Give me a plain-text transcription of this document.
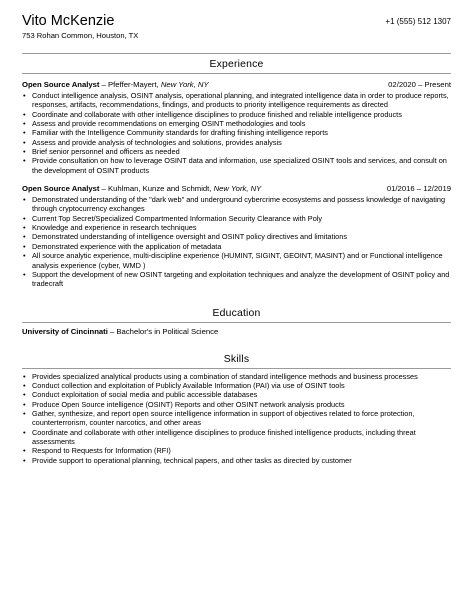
Vito McKenzie	+1 (555) 512 1307
753 Rohan Common, Houston, TX
Experience
Open Source Analyst – Pfeffer-Mayert, New York, NY	02/2020 – Present
• Conduct intelligence analysis, OSINT analysis, operational planning, and integrated intelligence data in order to produce reports, responses, artifacts, recommendations, findings, and products to priority intelligence requirements as directed
• Coordinate and collaborate with other intelligence disciplines to produce finished and reliable intelligence products
• Assess and provide recommendations on emerging OSINT methodologies and tools
• Familiar with the Intelligence Community standards for drafting finishing intelligence reports
• Assess and provide analysis of technologies and solutions, provides analysis
• Brief senior personnel and officers as needed
• Provide consultation on how to leverage OSINT data and information, use specialized OSINT tools and services, and consult on the development of OSINT products
Open Source Analyst – Kuhlman, Kunze and Schmidt, New York, NY	01/2016 – 12/2019
• Demonstrated understanding of the "dark web" and underground cybercrime ecosystems and possess knowledge of navigating through cryptocurrency exchanges
• Current Top Secret/Specialized Compartmented Information Security Clearance with Poly
• Knowledge and experience in research techniques
• Demonstrated understanding of intelligence oversight and OSINT policy directives and limitations
• Demonstrated experience with the application of metadata
• All source analytic experience, multi-discipline experience (HUMINT, SIGINT, GEOINT, MASINT) and or Functional intelligence analysis experience (cyber, WMD )
• Support the development of new OSINT targeting and exploitation techniques and analyze the development of OSINT policy and tradecraft
Education
University of Cincinnati – Bachelor's in Political Science
Skills
• Provides specialized analytical products using a combination of standard intelligence methods and business processes
• Conduct collection and exploitation of Publicly Available Information (PAI) via use of OSINT tools
• Conduct exploitation of social media and public accessible databases
• Produce Open Source intelligence (OSINT) Reports and other OSINT network analysis products
• Gather, synthesize, and report open source intelligence information in support of objectives related to force protection, counterterrorism, counter narcotics, and other areas
• Coordinate and collaborate with other intelligence disciplines to produce finished intelligence products, including threat assessments
• Respond to Requests for Information (RFI)
• Provide support to operational planning, technical papers, and other tasks as directed by customer
